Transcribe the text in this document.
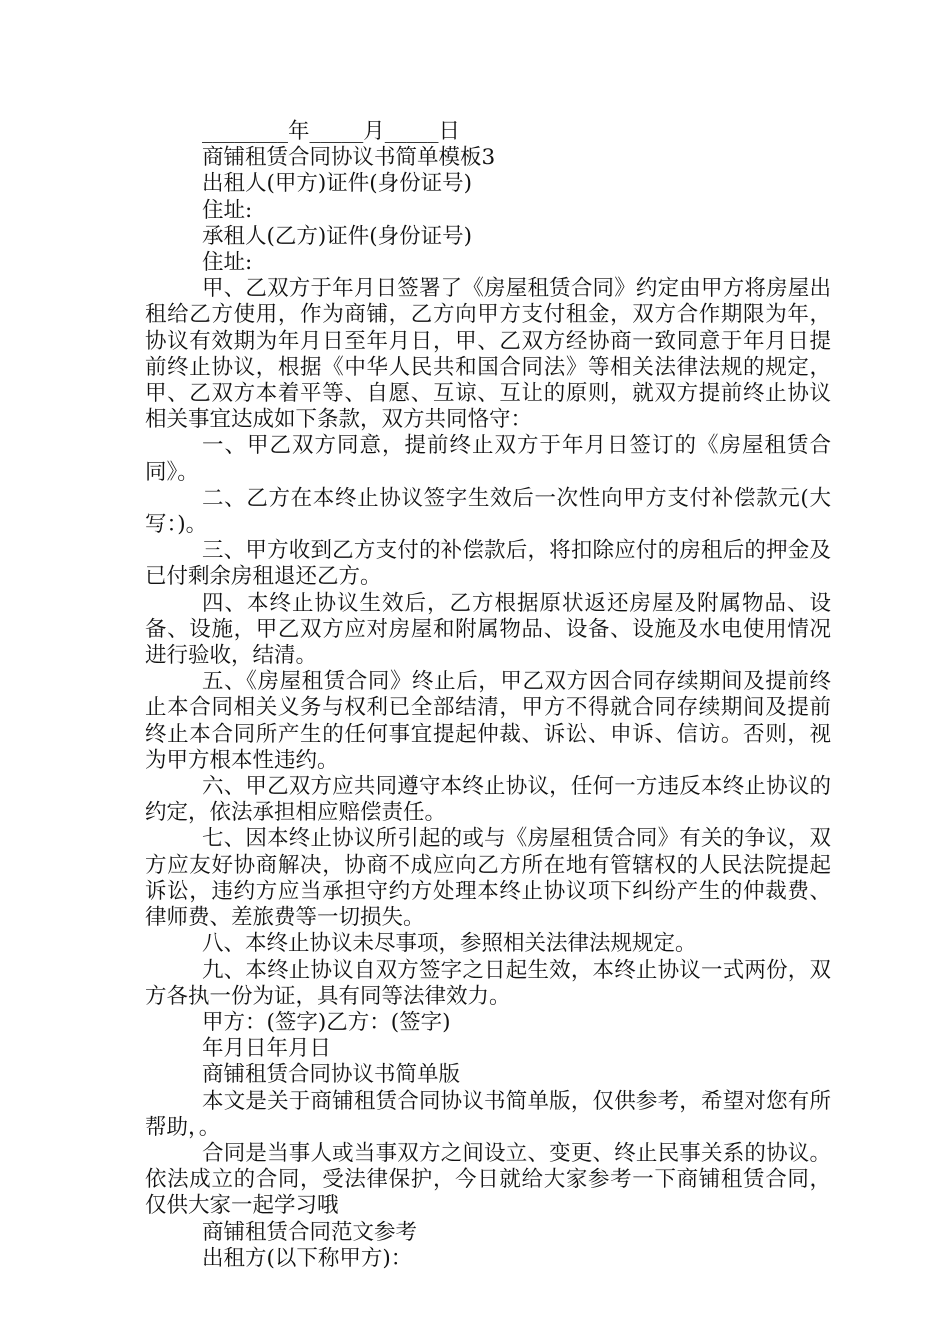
________年_____月_____日

商铺租赁合同协议书简单模板3

出租人(甲方)证件(身份证号)

住址:

承租人(乙方)证件(身份证号)

住址:

甲、乙双方于年月日签署了《房屋租赁合同》约定由甲方将房屋出租给乙方使用，作为商铺，乙方向甲方支付租金，双方合作期限为年，协议有效期为年月日至年月日，甲、乙双方经协商一致同意于年月日提前终止协议，根据《中华人民共和国合同法》等相关法律法规的规定，甲、乙双方本着平等、自愿、互谅、互让的原则，就双方提前终止协议相关事宜达成如下条款，双方共同恪守：

一、甲乙双方同意，提前终止双方于年月日签订的《房屋租赁合同》。

二、乙方在本终止协议签字生效后一次性向甲方支付补偿款元(大写：)。

三、甲方收到乙方支付的补偿款后，将扣除应付的房租后的押金及已付剩余房租退还乙方。

四、本终止协议生效后，乙方根据原状返还房屋及附属物品、设备、设施，甲乙双方应对房屋和附属物品、设备、设施及水电使用情况进行验收，结清。

五、《房屋租赁合同》终止后，甲乙双方因合同存续期间及提前终止本合同相关义务与权利已全部结清，甲方不得就合同存续期间及提前终止本合同所产生的任何事宜提起仲裁、诉讼、申诉、信访。否则，视为甲方根本性违约。

六、甲乙双方应共同遵守本终止协议，任何一方违反本终止协议的约定，依法承担相应赔偿责任。

七、因本终止协议所引起的或与《房屋租赁合同》有关的争议，双方应友好协商解决，协商不成应向乙方所在地有管辖权的人民法院提起诉讼，违约方应当承担守约方处理本终止协议项下纠纷产生的仲裁费、律师费、差旅费等一切损失。

八、本终止协议未尽事项，参照相关法律法规规定。

九、本终止协议自双方签字之日起生效，本终止协议一式两份，双方各执一份为证，具有同等法律效力。

甲方：(签字)乙方：(签字)

年月日年月日

商铺租赁合同协议书简单版

本文是关于商铺租赁合同协议书简单版，仅供参考，希望对您有所帮助，。

合同是当事人或当事双方之间设立、变更、终止民事关系的协议。依法成立的合同，受法律保护，今日就给大家参考一下商铺租赁合同，仅供大家一起学习哦

商铺租赁合同范文参考

出租方(以下称甲方)：
